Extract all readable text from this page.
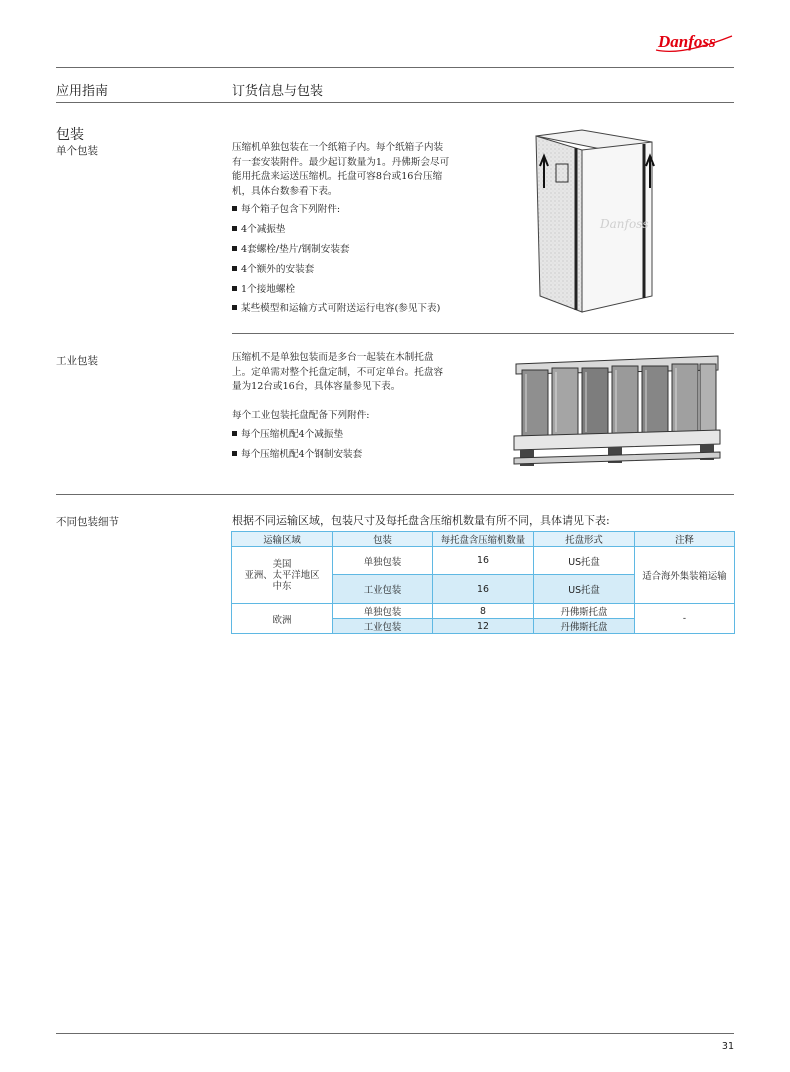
Danfoss
应用指南	订货信息与包装
包装
单个包装	压缩机单独包装在一个纸箱子内。每个纸箱子内装
有一套安装附件。最少起订数量为1。丹佛斯会尽可
能用托盘来运送压缩机。托盘可容8台或16台压缩
机，具体台数参看下表。
每个箱子包含下列附件:
4个减振垫
4套螺栓/垫片/钢制安装套
4个额外的安装套
1个接地螺栓
某些模型和运输方式可附送运行电容(参见下表)
Danfoss
工业包装	压缩机不是单独包装而是多台一起装在木制托盘
上。定单需对整个托盘定制，不可定单台。托盘容
量为12台或16台，具体容量参见下表。
每个工业包装托盘配备下列附件:
每个压缩机配4个减振垫
每个压缩机配4个钢制安装套
不同包装细节	根据不同运输区域，包装尺寸及每托盘含压缩机数量有所不同，具体请见下表:
运输区域	包装	每托盘含压缩机数量	托盘形式	注释
美国
亚洲、太平洋地区
中东	单独包装	16	US托盘	适合海外集装箱运输
	工业包装	16	US托盘	
欧洲	单独包装	8	丹佛斯托盘	-
	工业包装	12	丹佛斯托盘	
31
